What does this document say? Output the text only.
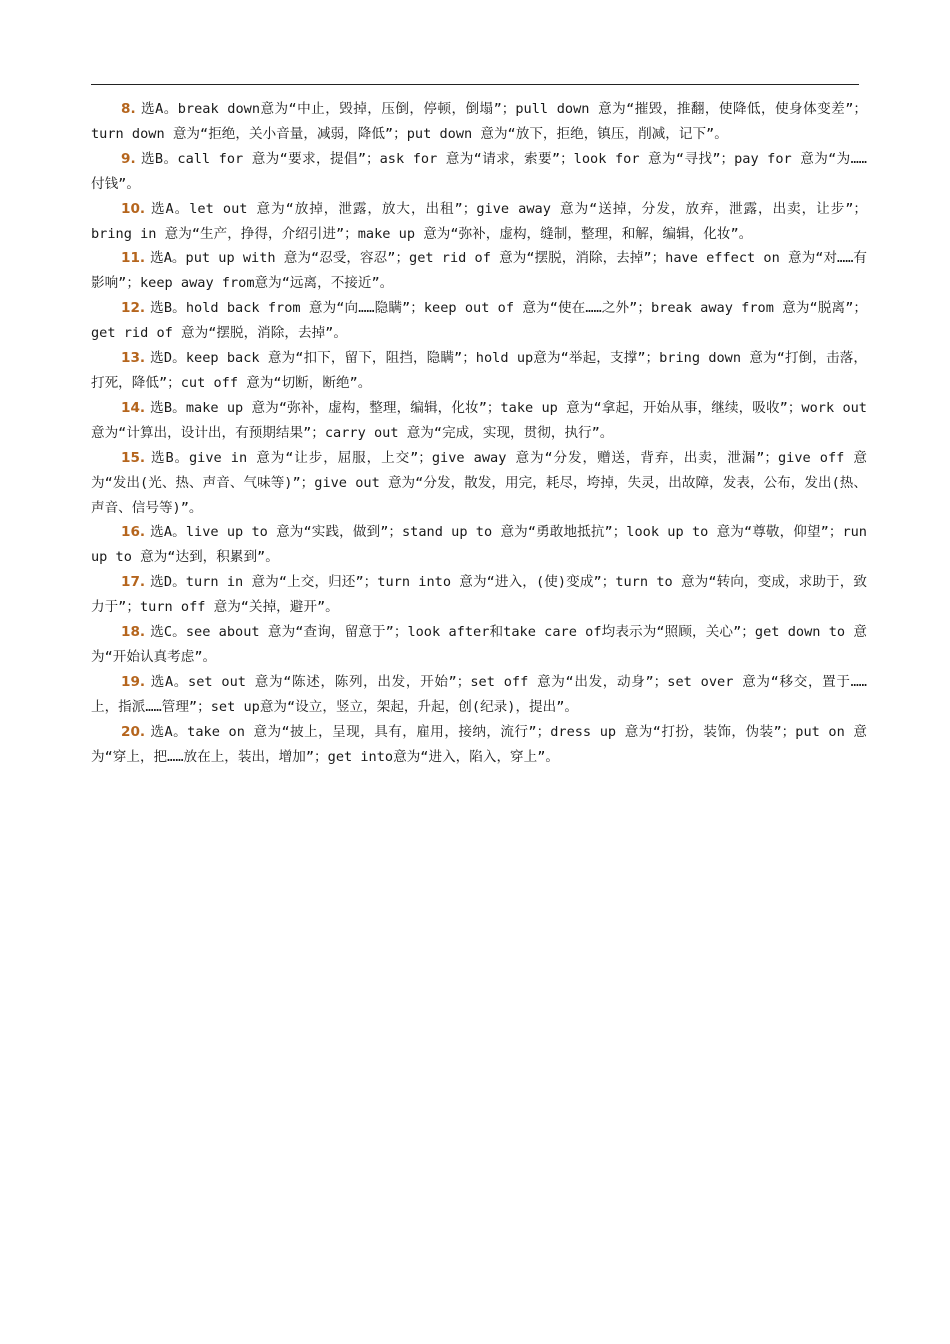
8. 选A。break down意为“中止，毁掉，压倒，停顿，倒塌”；pull down 意为“摧毁，推翻，使降低，使身体变差”；turn down 意为“拒绝，关小音量，减弱，降低”；put down 意为“放下，拒绝，镇压，削减，记下”。
9. 选B。call for 意为“要求，提倡”；ask for 意为“请求，索要”；look for 意为“寻找”；pay for 意为“为……付钱”。
10. 选A。let out 意为“放掉，泄露，放大，出租”；give away 意为“送掉，分发，放弃，泄露，出卖，让步”；bring in 意为“生产，挣得，介绍引进”；make up 意为“弥补，虚构，缝制，整理，和解，编辑，化妆”。
11. 选A。put up with 意为“忍受，容忍”；get rid of 意为“摆脱，消除，去掉”；have effect on 意为“对……有影响”；keep away from意为“远离，不接近”。
12. 选B。hold back from 意为“向……隐瞒”；keep out of 意为“使在……之外”；break away from 意为“脱离”；get rid of 意为“摆脱，消除，去掉”。
13. 选D。keep back 意为“扣下，留下，阻挡，隐瞒”；hold up意为“举起，支撑”；bring down 意为“打倒，击落，打死，降低”；cut off 意为“切断，断绝”。
14. 选B。make up 意为“弥补，虚构，整理，编辑，化妆”；take up 意为“拿起，开始从事，继续，吸收”；work out 意为“计算出，设计出，有预期结果”；carry out 意为“完成，实现，贯彻，执行”。
15. 选B。give in 意为“让步，屈服，上交”；give away 意为“分发，赠送，背弃，出卖，泄漏”；give off 意为“发出(光、热、声音、气味等)”；give out 意为“分发，散发，用完，耗尽，垮掉，失灵，出故障，发表，公布，发出(热、声音、信号等)”。
16. 选A。live up to 意为“实践，做到”；stand up to 意为“勇敢地抵抗”；look up to 意为“尊敬，仰望”；run up to 意为“达到，积累到”。
17. 选D。turn in 意为“上交，归还”；turn into 意为“进入，(使)变成”；turn to 意为“转向，变成，求助于，致力于”；turn off 意为“关掉，避开”。
18. 选C。see about 意为“查询，留意于”；look after和take care of均表示为“照顾，关心”；get down to 意为“开始认真考虑”。
19. 选A。set out 意为“陈述，陈列，出发，开始”；set off 意为“出发，动身”；set over 意为“移交，置于……上，指派……管理”；set up意为“设立，竖立，架起，升起，创(纪录)，提出”。
20. 选A。take on 意为“披上，呈现，具有，雇用，接纳，流行”；dress up 意为“打扮，装饰，伪装”；put on 意为“穿上，把……放在上，装出，增加”；get into意为“进入，陷入，穿上”。
